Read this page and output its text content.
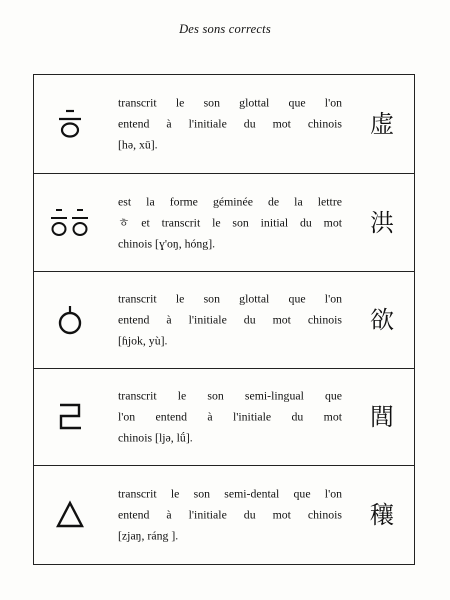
Des sons corrects
transcrit le son glottal que l'on
entend à l'initiale du mot chinois
[hə, xū].
虚
est la forme géminée de la lettre
ㅎ et transcrit le son initial du mot
chinois [ɣ'oŋ, hóng].
洪
transcrit le son glottal que l'on
entend à l'initiale du mot chinois
[ɦjok, yù].
欲
transcrit le son semi-lingual que
l'on entend à l'initiale du mot
chinois [ljə, lǘ].
閭
transcrit le son semi-dental que l'on
entend à l'initiale du mot chinois
[zjaŋ, ráng ].
穰
